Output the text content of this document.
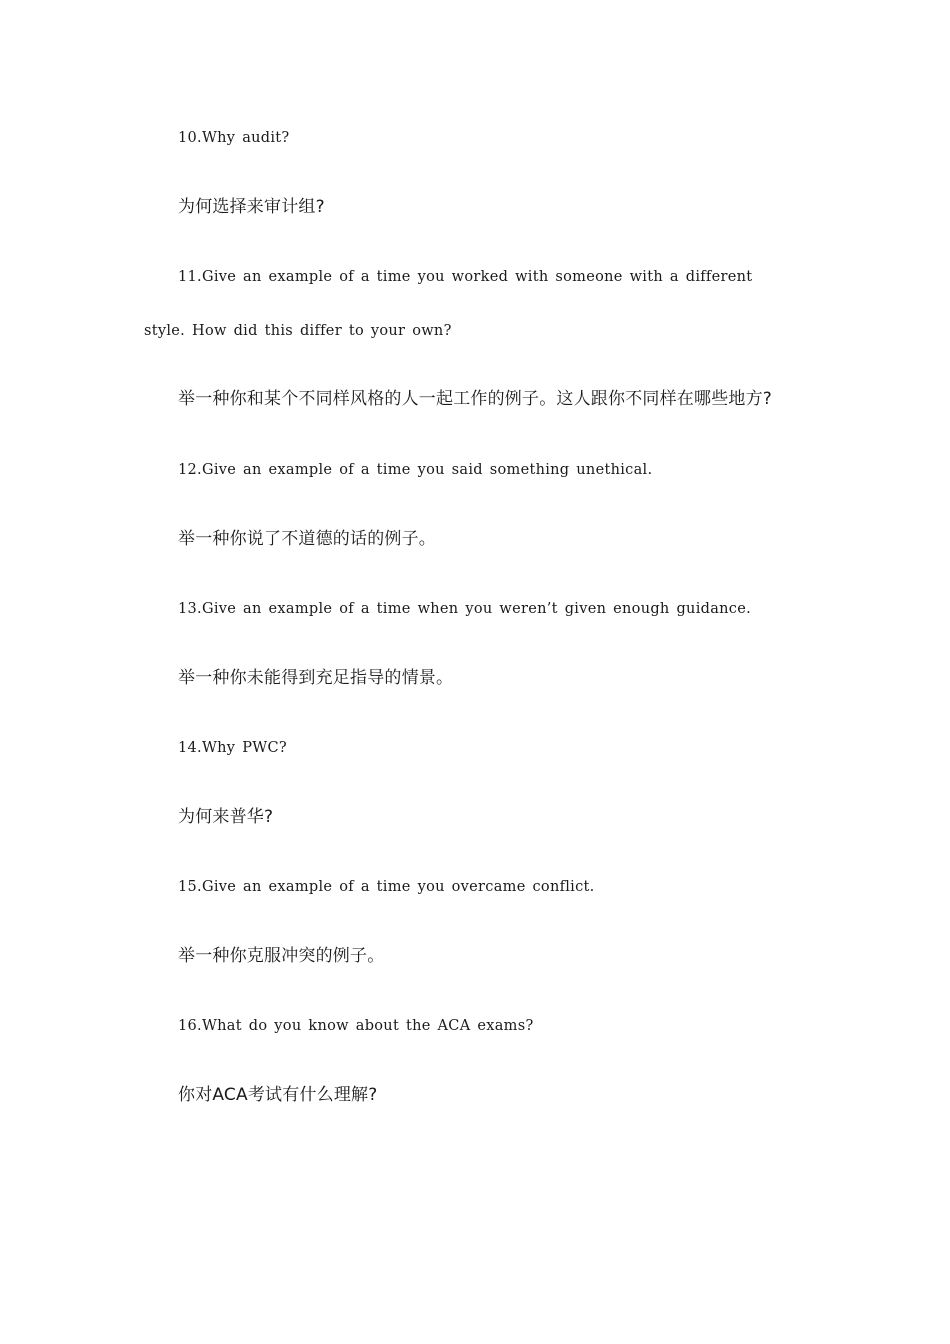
10.Why audit?
为何选择来审计组?
11.Give an example of a time you worked with someone with a different
style. How did this differ to your own?
举一种你和某个不同样风格的人一起工作的例子。这人跟你不同样在哪些地方?
12.Give an example of a time you said something unethical.
举一种你说了不道德的话的例子。
13.Give an example of a time when you weren’t given enough guidance.
举一种你未能得到充足指导的情景。
14.Why PWC?
为何来普华?
15.Give an example of a time you overcame conflict.
举一种你克服冲突的例子。
16.What do you know about the ACA exams?
你对ACA考试有什么理解?
